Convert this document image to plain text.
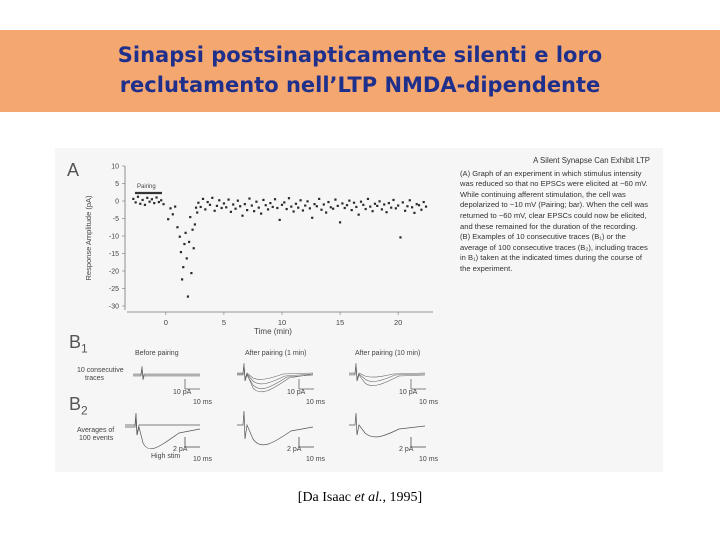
Sinapsi postsinapticamente silenti e loro
reclutamento nell’LTP NMDA-dipendente
A
$B_1$
$B_2$
Pairing
Response Amplitude (pA)
Time (min)
10
5
0
-5
-10
-15
-20
-25
-30
0	5	10	15	20
A Silent Synapse Can Exhibit LTP
(A) Graph of an experiment in which stimulus intensity was reduced so that no EPSCs were elicited at −60 mV. While continuing afferent stimulation, the cell was depolarized to −10 mV (Pairing; bar). When the cell was returned to −60 mV, clear EPSCs could now be elicited, and these remained for the duration of the recording.
(B) Examples of 10 consecutive traces (B₁) or the average of 100 consecutive traces (B₂), including traces in B₁) taken at the indicated times during the course of the experiment.
10 consecutive
traces
Averages of
100 events
Before pairing	After pairing (1 min)	After pairing (10 min)
10 pA
10 ms
10 pA
10 ms
10 pA
10 ms
2 pA
10 ms
2 pA
10 ms
2 pA
10 ms
High stim
[Da Isaac et al., 1995]
